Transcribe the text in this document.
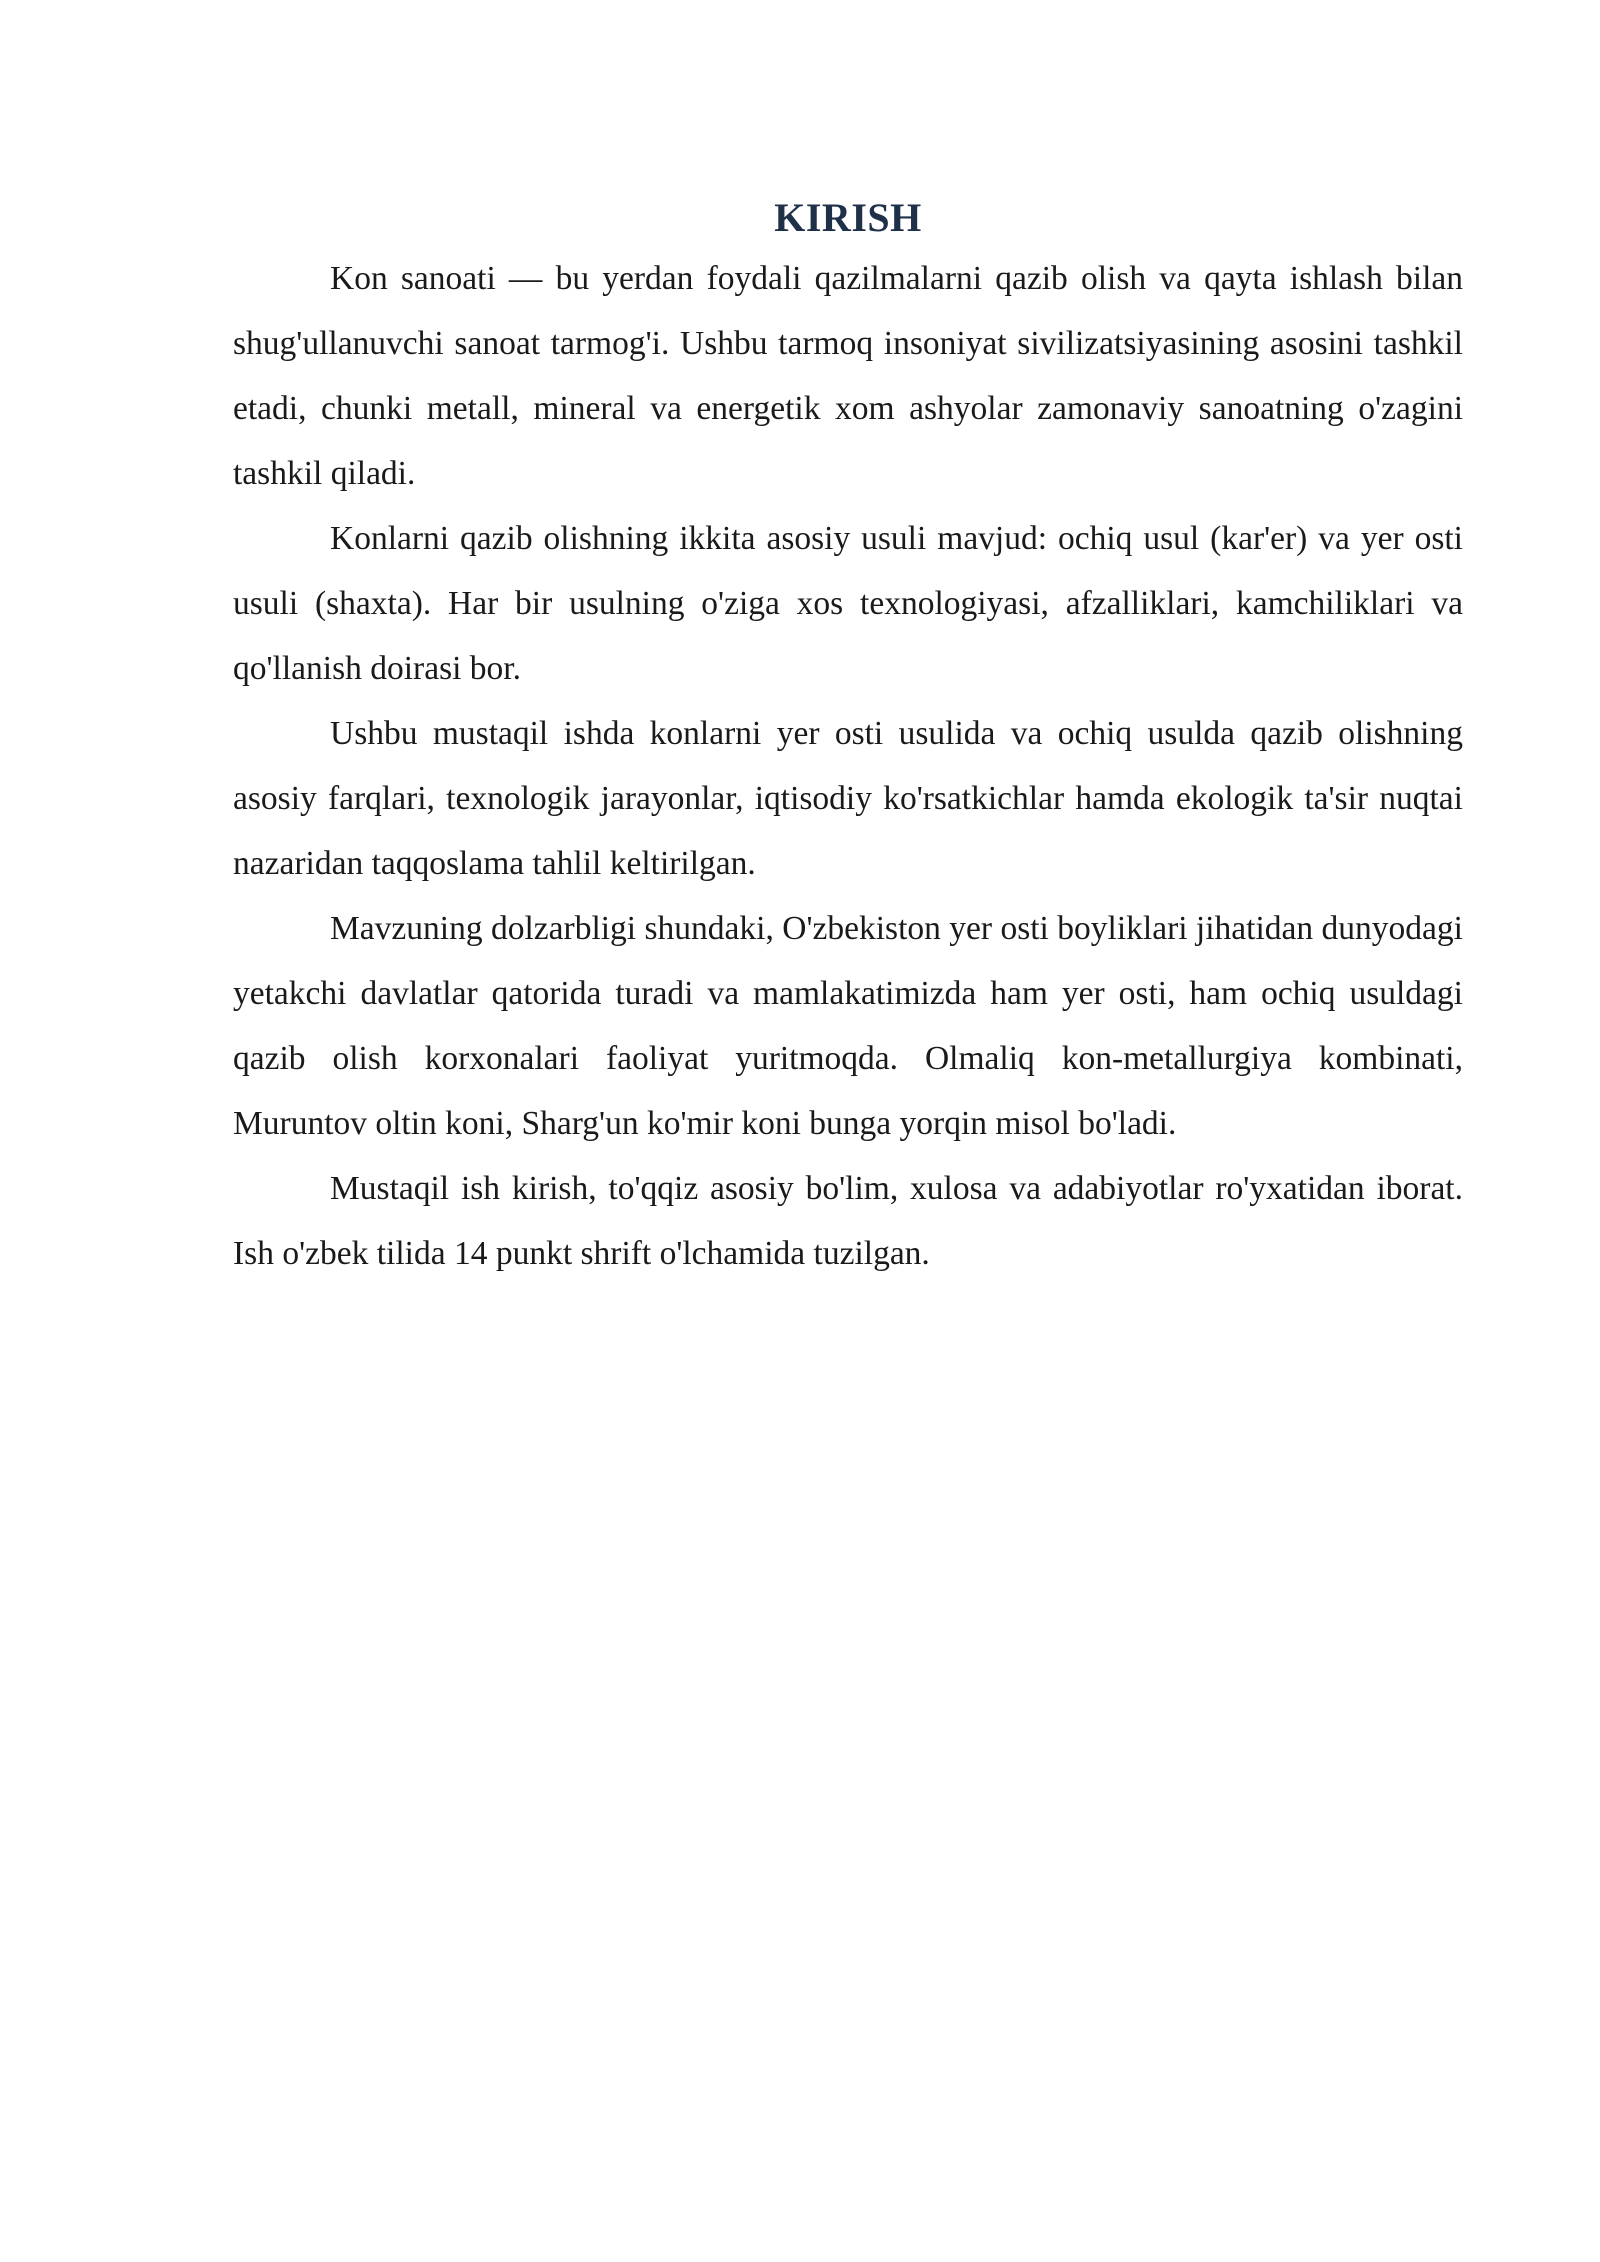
KIRISH

Kon sanoati — bu yerdan foydali qazilmalarni qazib olish va qayta ishlash bilan shug'ullanuvchi sanoat tarmog'i. Ushbu tarmoq insoniyat sivilizatsiyasining asosini tashkil etadi, chunki metall, mineral va energetik xom ashyolar zamonaviy sanoatning o'zagini tashkil qiladi.

Konlarni qazib olishning ikkita asosiy usuli mavjud: ochiq usul (kar'er) va yer osti usuli (shaxta). Har bir usulning o'ziga xos texnologiyasi, afzalliklari, kamchiliklari va qo'llanish doirasi bor.

Ushbu mustaqil ishda konlarni yer osti usulida va ochiq usulda qazib olishning asosiy farqlari, texnologik jarayonlar, iqtisodiy ko'rsatkichlar hamda ekologik ta'sir nuqtai nazaridan taqqoslama tahlil keltirilgan.

Mavzuning dolzarbligi shundaki, O'zbekiston yer osti boyliklari jihatidan dunyodagi yetakchi davlatlar qatorida turadi va mamlakatimizda ham yer osti, ham ochiq usuldagi qazib olish korxonalari faoliyat yuritmoqda. Olmaliq kon-metallurgiya kombinati, Muruntov oltin koni, Sharg'un ko'mir koni bunga yorqin misol bo'ladi.

Mustaqil ish kirish, to'qqiz asosiy bo'lim, xulosa va adabiyotlar ro'yxatidan iborat. Ish o'zbek tilida 14 punkt shrift o'lchamida tuzilgan.
